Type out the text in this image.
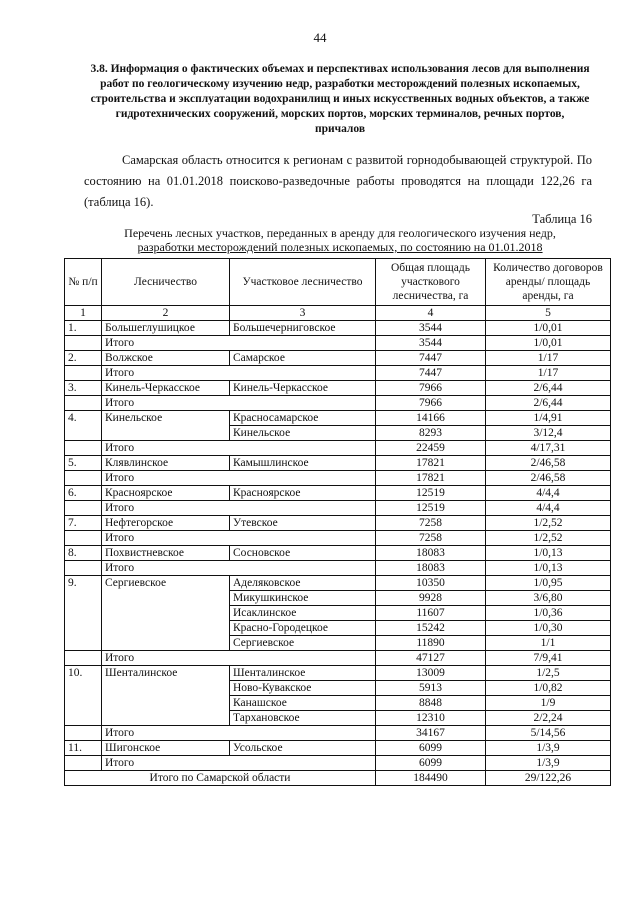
44
3.8. Информация о фактических объемах и перспективах использования лесов для выполнения работ по геологическому изучению недр, разработки месторождений полезных ископаемых, строительства и эксплуатации водохранилищ и иных искусственных водных объектов, а также гидротехнических сооружений, морских портов, морских терминалов, речных портов, причалов
Самарская область относится к регионам с развитой горнодобывающей структурой. По состоянию на 01.01.2018 поисково-разведочные работы проводятся на площади 122,26 га (таблица 16).
Таблица 16
Перечень лесных участков, переданных в аренду для геологического изучения недр,
разработки месторождений полезных ископаемых, по состоянию на 01.01.2018
№ п/п	Лесничество	Участковое лесничество	Общая площадь участкового лесничества, га	Количество договоров аренды/ площадь аренды, га
1	2	3	4	5
1.	Большеглушицкое	Большечерниговское	3544	1/0,01
	Итого		3544	1/0,01
2.	Волжское	Самарское	7447	1/17
	Итого		7447	1/17
3.	Кинель-Черкасское	Кинель-Черкасское	7966	2/6,44
	Итого		7966	2/6,44
4.	Кинельское	Красносамарское	14166	1/4,91
		Кинельское	8293	3/12,4
	Итого		22459	4/17,31
5.	Клявлинское	Камышлинское	17821	2/46,58
	Итого		17821	2/46,58
6.	Красноярское	Красноярское	12519	4/4,4
	Итого		12519	4/4,4
7.	Нефтегорское	Утевское	7258	1/2,52
	Итого		7258	1/2,52
8.	Похвистневское	Сосновское	18083	1/0,13
	Итого		18083	1/0,13
9.	Сергиевское	Аделяковское	10350	1/0,95
		Микушкинское	9928	3/6,80
		Исаклинское	11607	1/0,36
		Красно-Городецкое	15242	1/0,30
		Сергиевское	11890	1/1
	Итого		47127	7/9,41
10.	Шенталинское	Шенталинское	13009	1/2,5
		Ново-Кувакское	5913	1/0,82
		Канашское	8848	1/9
		Тархановское	12310	2/2,24
	Итого		34167	5/14,56
11.	Шигонское	Усольское	6099	1/3,9
	Итого		6099	1/3,9
Итого по Самарской области			184490	29/122,26
